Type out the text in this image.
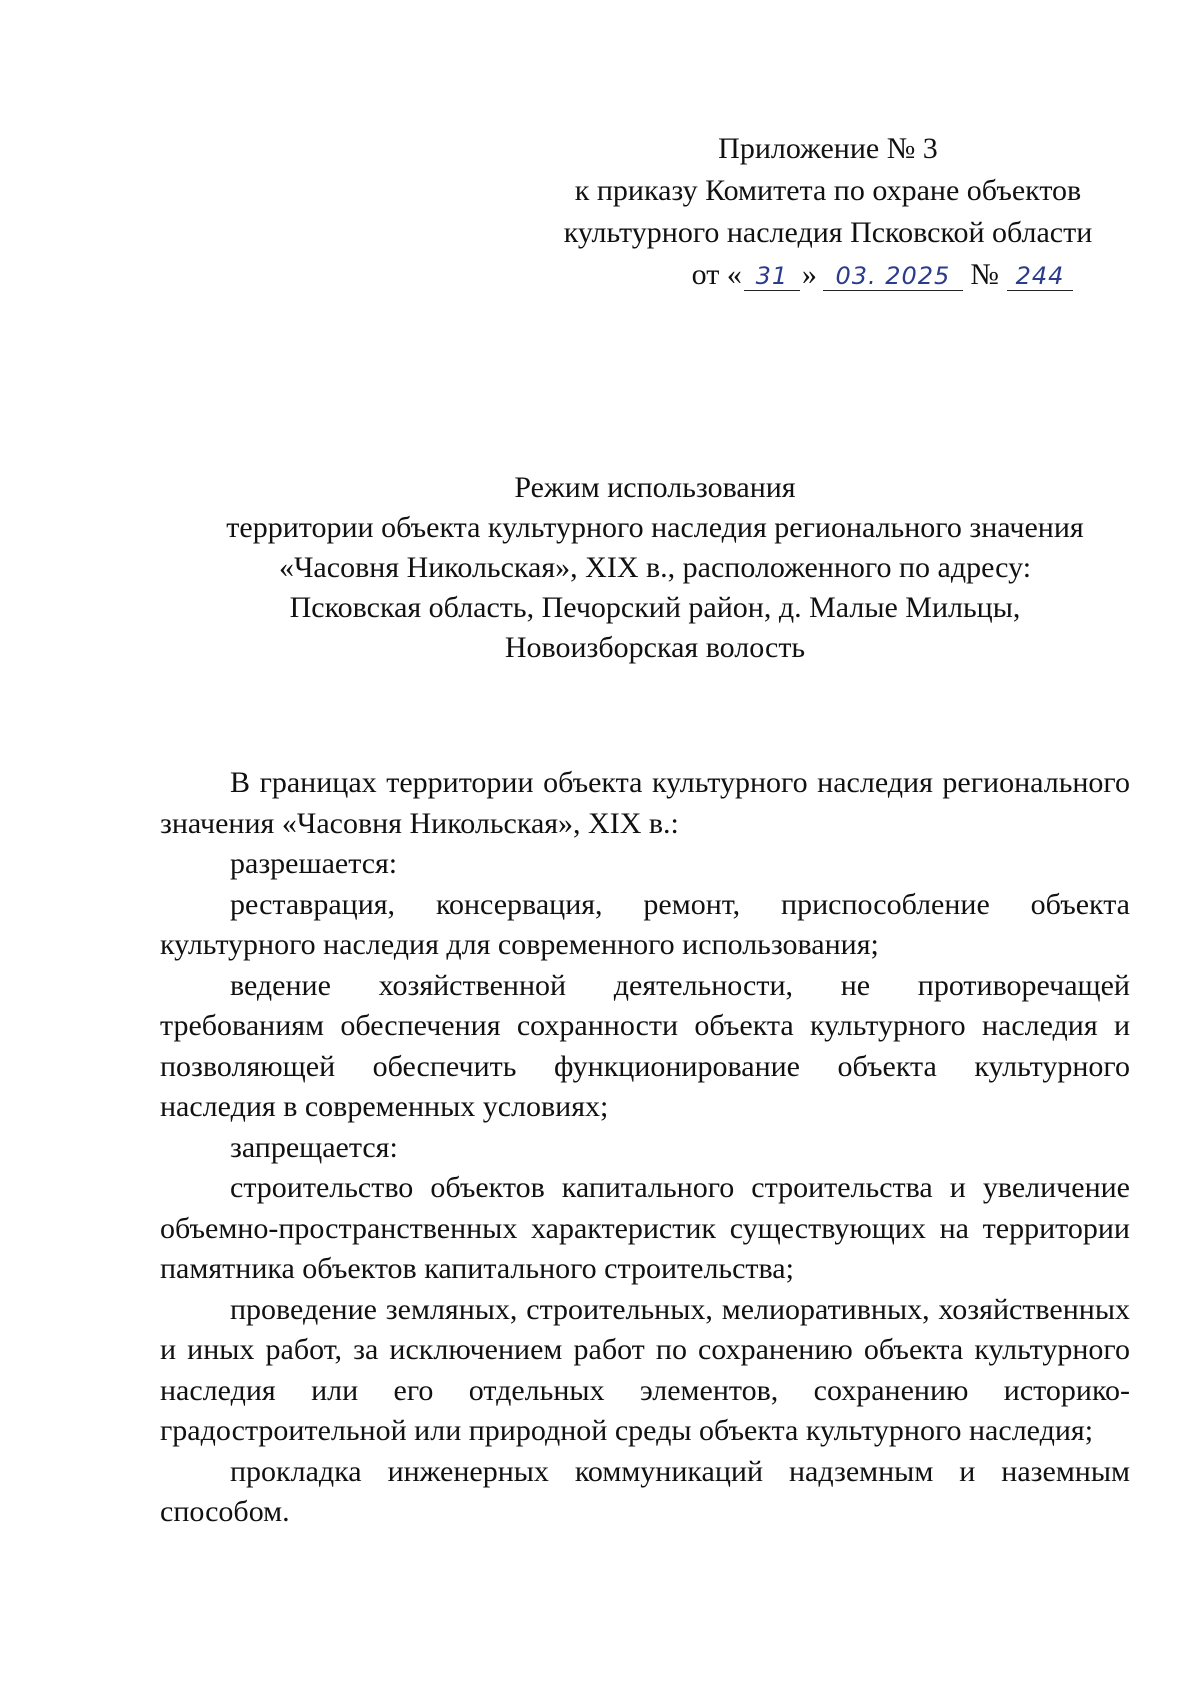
Приложение № 3
к приказу Комитета по охране объектов
культурного наследия Псковской области
от « 31 » 03. 2025 № 244
Режим использования
территории объекта культурного наследия регионального значения
«Часовня Никольская», XIX в., расположенного по адресу:
Псковская область, Печорский район, д. Малые Мильцы,
Новоизборская волость

В границах территории объекта культурного наследия регионального значения «Часовня Никольская», XIX в.:

разрешается:

реставрация, консервация, ремонт, приспособление объекта культурного наследия для современного использования;

ведение хозяйственной деятельности, не противоречащей требованиям обеспечения сохранности объекта культурного наследия и позволяющей обеспечить функционирование объекта культурного наследия в современных условиях;

запрещается:

строительство объектов капитального строительства и увеличение объемно-пространственных характеристик существующих на территории памятника объектов капитального строительства;

проведение земляных, строительных, мелиоративных, хозяйственных и иных работ, за исключением работ по сохранению объекта культурного наследия или его отдельных элементов, сохранению историко-градостроительной или природной среды объекта культурного наследия;

прокладка инженерных коммуникаций надземным и наземным способом.
